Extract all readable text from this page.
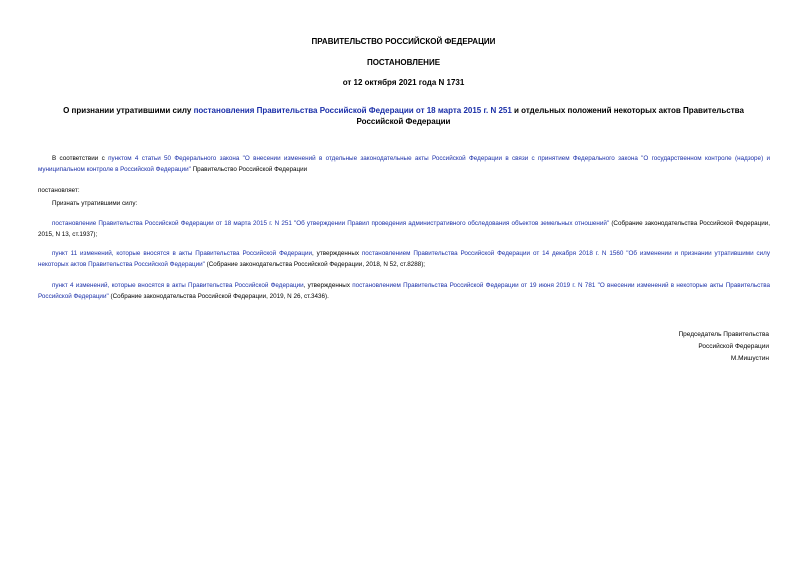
ПРАВИТЕЛЬСТВО РОССИЙСКОЙ ФЕДЕРАЦИИ
ПОСТАНОВЛЕНИЕ
от 12 октября 2021 года N 1731
О признании утратившими силу постановления Правительства Российской Федерации от 18 марта 2015 г. N 251 и отдельных положений некоторых актов Правительства Российской Федерации
В соответствии с пунктом 4 статьи 50 Федерального закона "О внесении изменений в отдельные законодательные акты Российской Федерации в связи с принятием Федерального закона "О государственном контроле (надзоре) и муниципальном контроле в Российской Федерации" Правительство Российской Федерации
постановляет:
Признать утратившими силу:
постановление Правительства Российской Федерации от 18 марта 2015 г. N 251 "Об утверждении Правил проведения административного обследования объектов земельных отношений" (Собрание законодательства Российской Федерации, 2015, N 13, ст.1937);
пункт 11 изменений, которые вносятся в акты Правительства Российской Федерации, утвержденных постановлением Правительства Российской Федерации от 14 декабря 2018 г. N 1560 "Об изменении и признании утратившими силу некоторых актов Правительства Российской Федерации" (Собрание законодательства Российской Федерации, 2018, N 52, ст.8288);
пункт 4 изменений, которые вносятся в акты Правительства Российской Федерации, утвержденных постановлением Правительства Российской Федерации от 19 июня 2019 г. N 781 "О внесении изменений в некоторые акты Правительства Российской Федерации" (Собрание законодательства Российской Федерации, 2019, N 26, ст.3436).
Председатель Правительства
Российской Федерации
М.Мишустин
